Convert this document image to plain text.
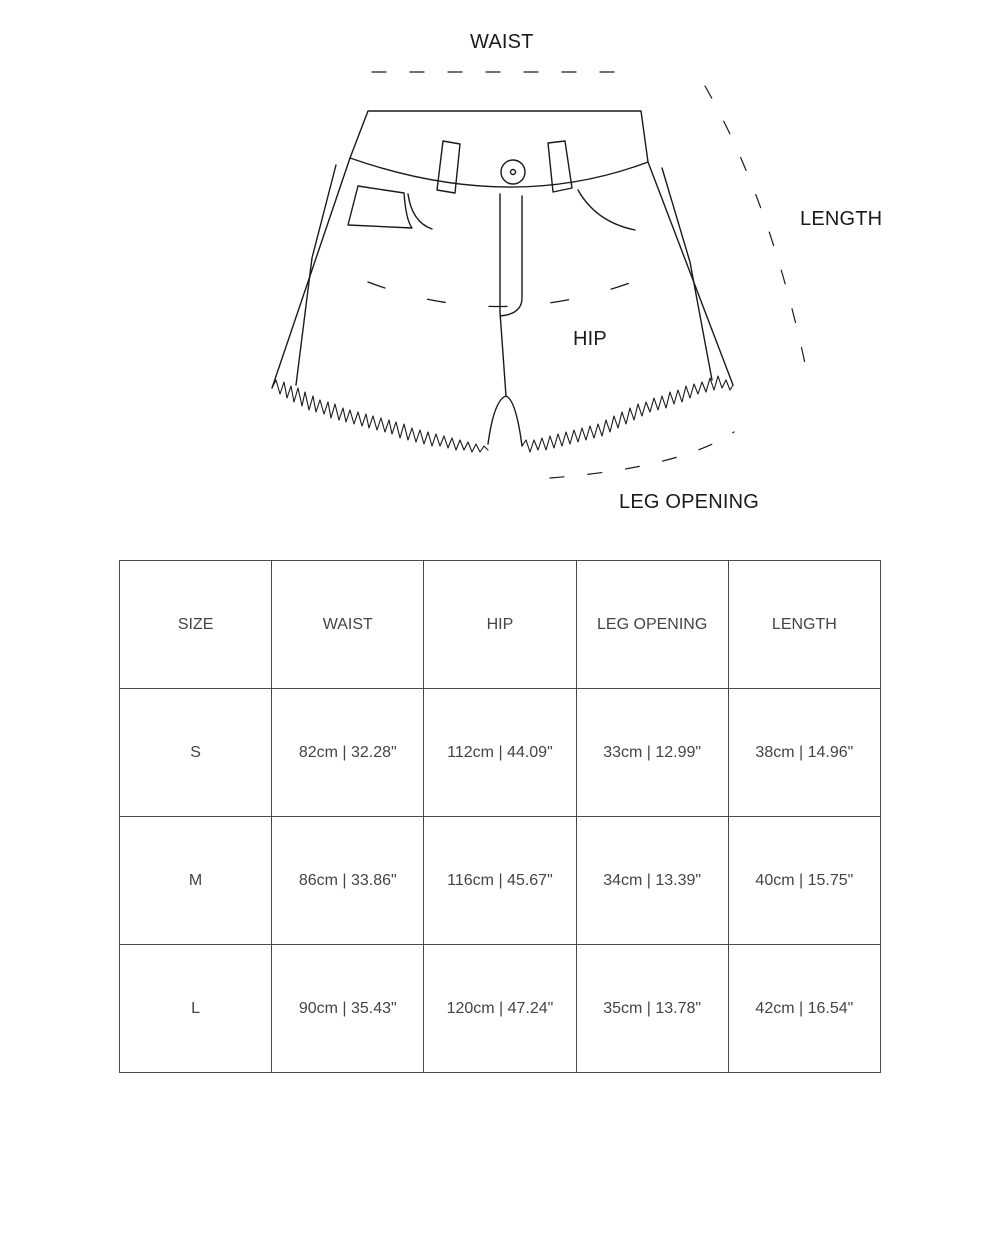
WAIST
LENGTH
HIP
LEG OPENING
SIZE	WAIST	HIP	LEG OPENING	LENGTH
S	82cm | 32.28"	112cm | 44.09"	33cm | 12.99"	38cm | 14.96"
M	86cm | 33.86"	116cm | 45.67"	34cm | 13.39"	40cm | 15.75"
L	90cm | 35.43"	120cm | 47.24"	35cm | 13.78"	42cm | 16.54"
